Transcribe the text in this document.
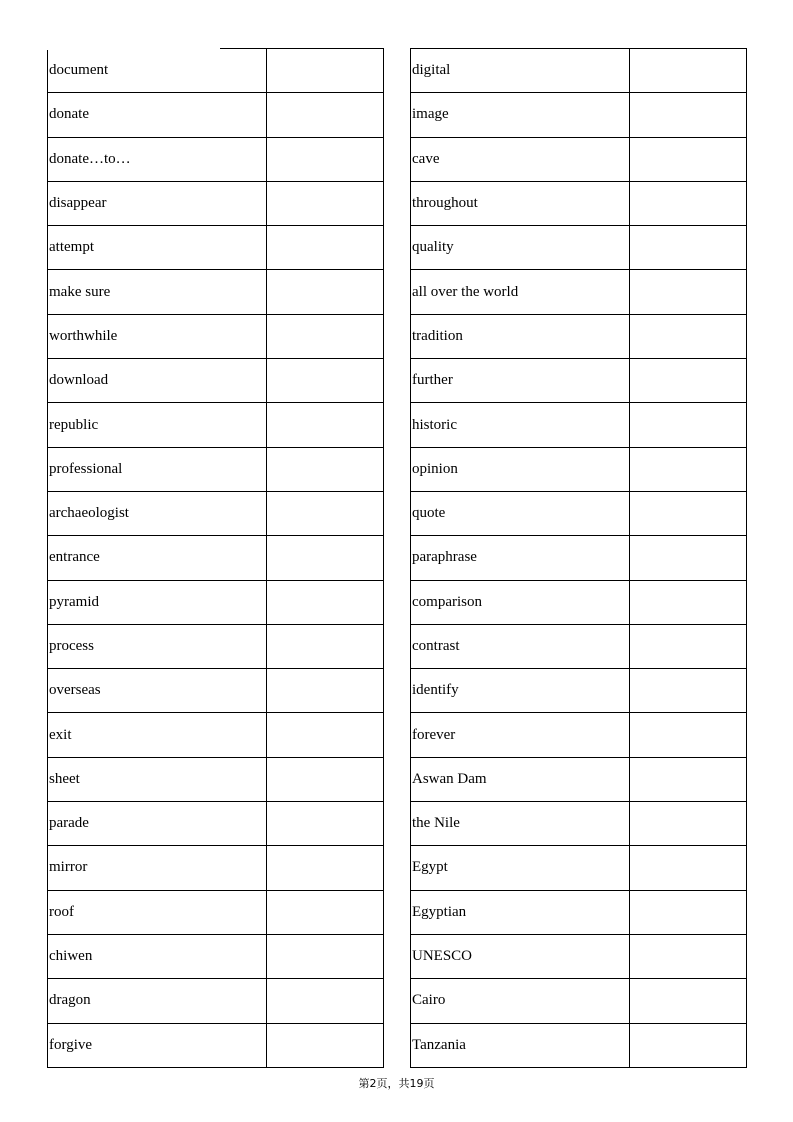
document	
donate	
donate…to…	
disappear	
attempt	
make sure	
worthwhile	
download	
republic	
professional	
archaeologist	
entrance	
pyramid	
process	
overseas	
exit	
sheet	
parade	
mirror	
roof	
chiwen	
dragon	
forgive	
digital	
image	
cave	
throughout	
quality	
all over the world	
tradition	
further	
historic	
opinion	
quote	
paraphrase	
comparison	
contrast	
identify	
forever	
Aswan Dam	
the Nile	
Egypt	
Egyptian	
UNESCO	
Cairo	
Tanzania	
第2页，共19页
